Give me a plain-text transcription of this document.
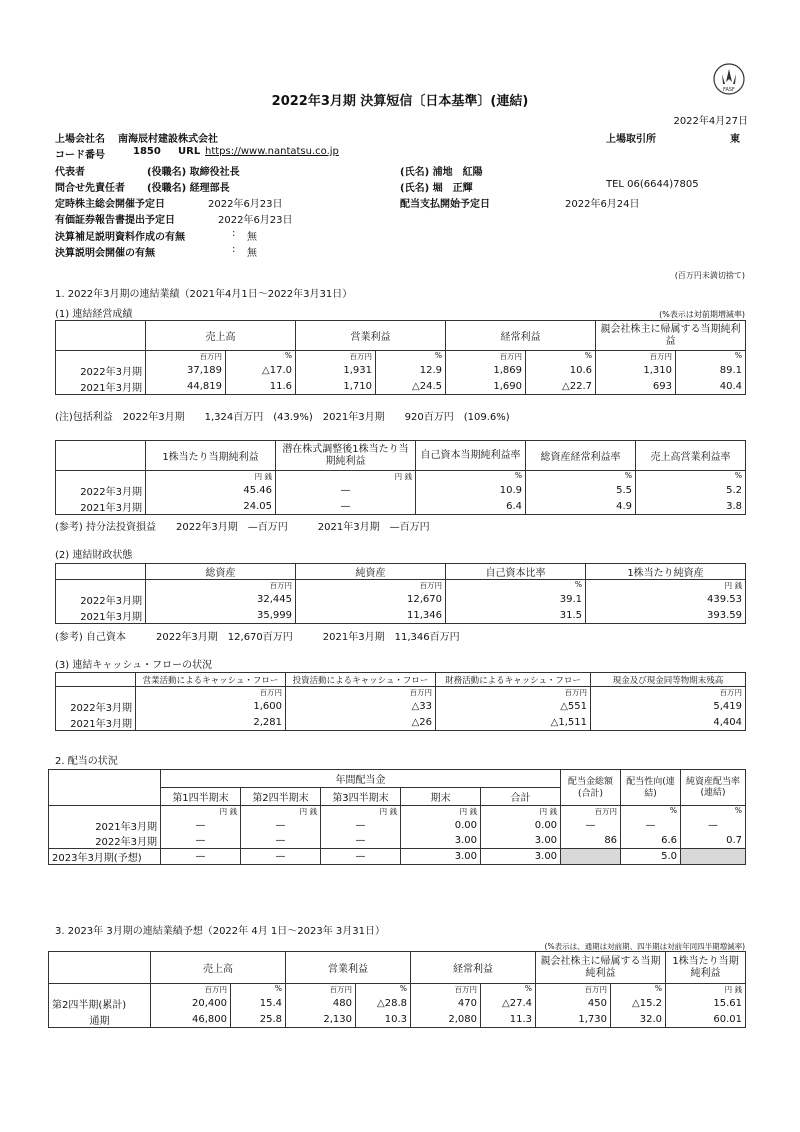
FASF
2022年3月期 決算短信〔日本基準〕(連結)
2022年4月27日
上場会社名 南海辰村建設株式会社	上場取引所	東
コード番号	1850 URL https://www.nantatsu.co.jp
代表者	(役職名) 取締役社長	(氏名) 浦地　紅陽
問合せ先責任者 (役職名) 経理部長	(氏名) 堀　正輝	TEL 06(6644)7805
定時株主総会開催予定日	2022年6月23日	配当支払開始予定日	2022年6月24日
有価証券報告書提出予定日	2022年6月23日
決算補足説明資料作成の有無	: 無
決算説明会開催の有無	: 無
(百万円未満切捨て)
1. 2022年3月期の連結業績（2021年4月1日～2022年3月31日）
(1) 連結経営成績	(%表示は対前期増減率)
	売上高		営業利益		経常利益		親会社株主に帰属する当期純利益	
	百万円	%	百万円	%	百万円	%	百万円	%
2022年3月期	37,189	△17.0	1,931	12.9	1,869	10.6	1,310	89.1
2021年3月期	44,819	11.6	1,710	△24.5	1,690	△22.7	693	40.4
(注)包括利益　2022年3月期　　1,324百万円　(43.9%)　2021年3月期　　920百万円　(109.6%)
	1株当たり当期純利益	潜在株式調整後1株当たり当期純利益	自己資本当期純利益率	総資産経常利益率	売上高営業利益率
	円 銭	円 銭	%	%	%
2022年3月期	45.46	—	10.9	5.5	5.2
2021年3月期	24.05	—	6.4	4.9	3.8
(参考) 持分法投資損益　　2022年3月期　—百万円　　　2021年3月期　—百万円
(2) 連結財政状態
	総資産	純資産	自己資本比率	1株当たり純資産
	百万円	百万円	%	円 銭
2022年3月期	32,445	12,670	39.1	439.53
2021年3月期	35,999	11,346	31.5	393.59
(参考) 自己資本　　　2022年3月期　12,670百万円　　　2021年3月期　11,346百万円
(3) 連結キャッシュ・フローの状況
	営業活動によるキャッシュ・フロー	投資活動によるキャッシュ・フロー	財務活動によるキャッシュ・フロー	現金及び現金同等物期末残高
	百万円	百万円	百万円	百万円
2022年3月期	1,600	△33	△551	5,419
2021年3月期	2,281	△26	△1,511	4,404
2. 配当の状況
	年間配当金					配当金総額(合計)	配当性向(連結)	純資産配当率(連結)
	第1四半期末	第2四半期末	第3四半期末	期末	合計			
	円 銭	円 銭	円 銭	円 銭	円 銭	百万円	%	%
2021年3月期	—	—	—	0.00	0.00	—	—	—
2022年3月期	—	—	—	3.00	3.00	86	6.6	0.7
2023年3月期(予想)	—	—	—	3.00	3.00		5.0	
3. 2023年 3月期の連結業績予想（2022年 4月 1日～2023年 3月31日）
(%表示は、通期は対前期、四半期は対前年同四半期増減率)
	売上高		営業利益		経常利益		親会社株主に帰属する当期純利益		1株当たり当期純利益
	百万円	%	百万円	%	百万円	%	百万円	%	円 銭
第2四半期(累計)	20,400	15.4	480	△28.8	470	△27.4	450	△15.2	15.61
通期	46,800	25.8	2,130	10.3	2,080	11.3	1,730	32.0	60.01
